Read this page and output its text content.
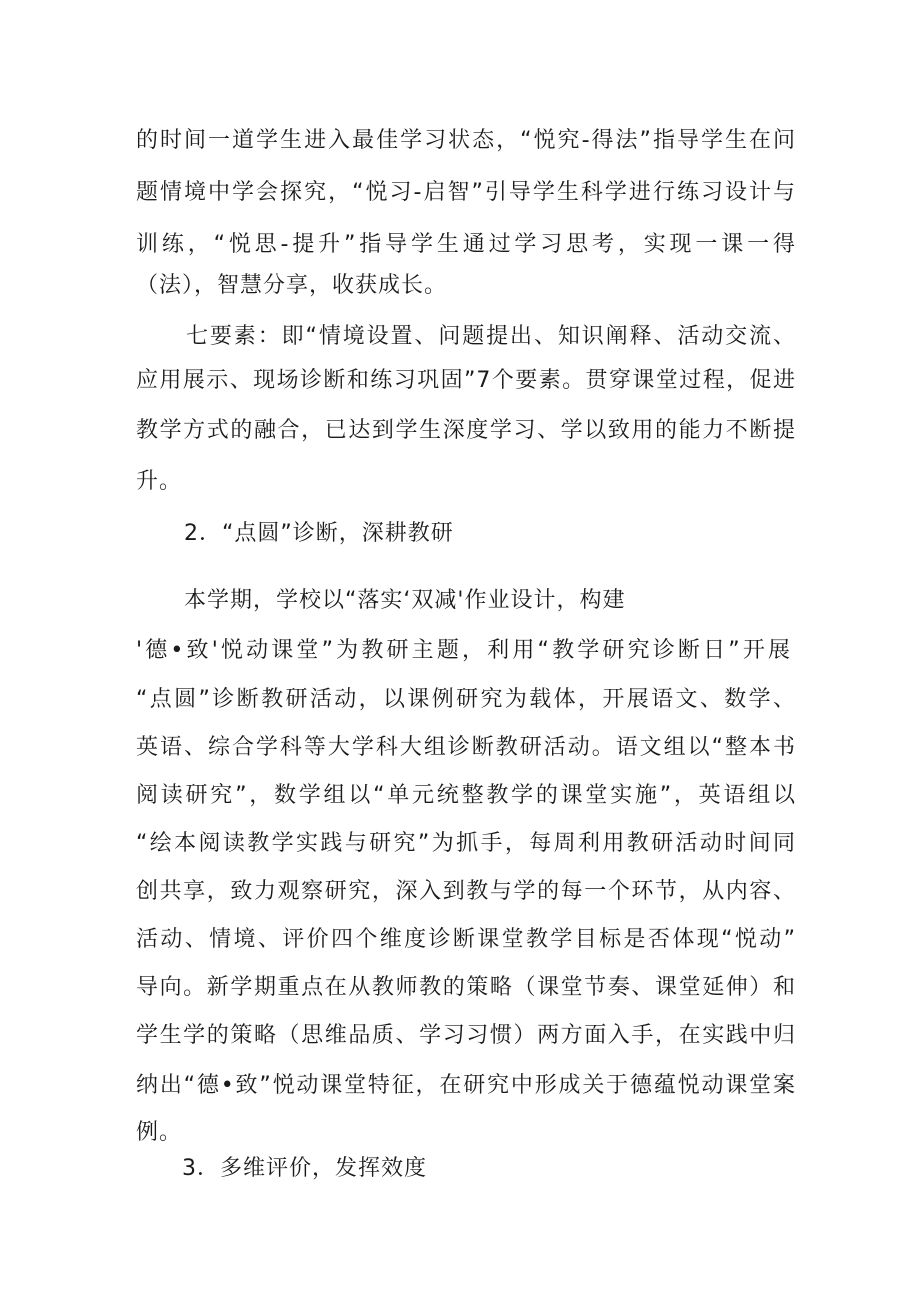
的时间一道学生进入最佳学习状态，“悦究-得法”指导学生在问
题情境中学会探究，“悦习-启智”引导学生科学进行练习设计与
训练，“悦思-提升”指导学生通过学习思考，实现一课一得
（法），智慧分享，收获成长。
七要素：即“情境设置、问题提出、知识阐释、活动交流、
应用展示、现场诊断和练习巩固”7个要素。贯穿课堂过程，促进
教学方式的融合，已达到学生深度学习、学以致用的能力不断提
升。
2．“点圆”诊断，深耕教研
本学期，学校以“落实‘双减'作业设计，构建
'德•致'悦动课堂”为教研主题，利用“教学研究诊断日”开展
“点圆”诊断教研活动，以课例研究为载体，开展语文、数学、
英语、综合学科等大学科大组诊断教研活动。语文组以“整本书
阅读研究”，数学组以“单元统整教学的课堂实施”，英语组以
“绘本阅读教学实践与研究”为抓手，每周利用教研活动时间同
创共享，致力观察研究，深入到教与学的每一个环节，从内容、
活动、情境、评价四个维度诊断课堂教学目标是否体现“悦动”
导向。新学期重点在从教师教的策略（课堂节奏、课堂延伸）和
学生学的策略（思维品质、学习习惯）两方面入手，在实践中归
纳出“德•致”悦动课堂特征，在研究中形成关于德蕴悦动课堂案
例。
3．多维评价，发挥效度
